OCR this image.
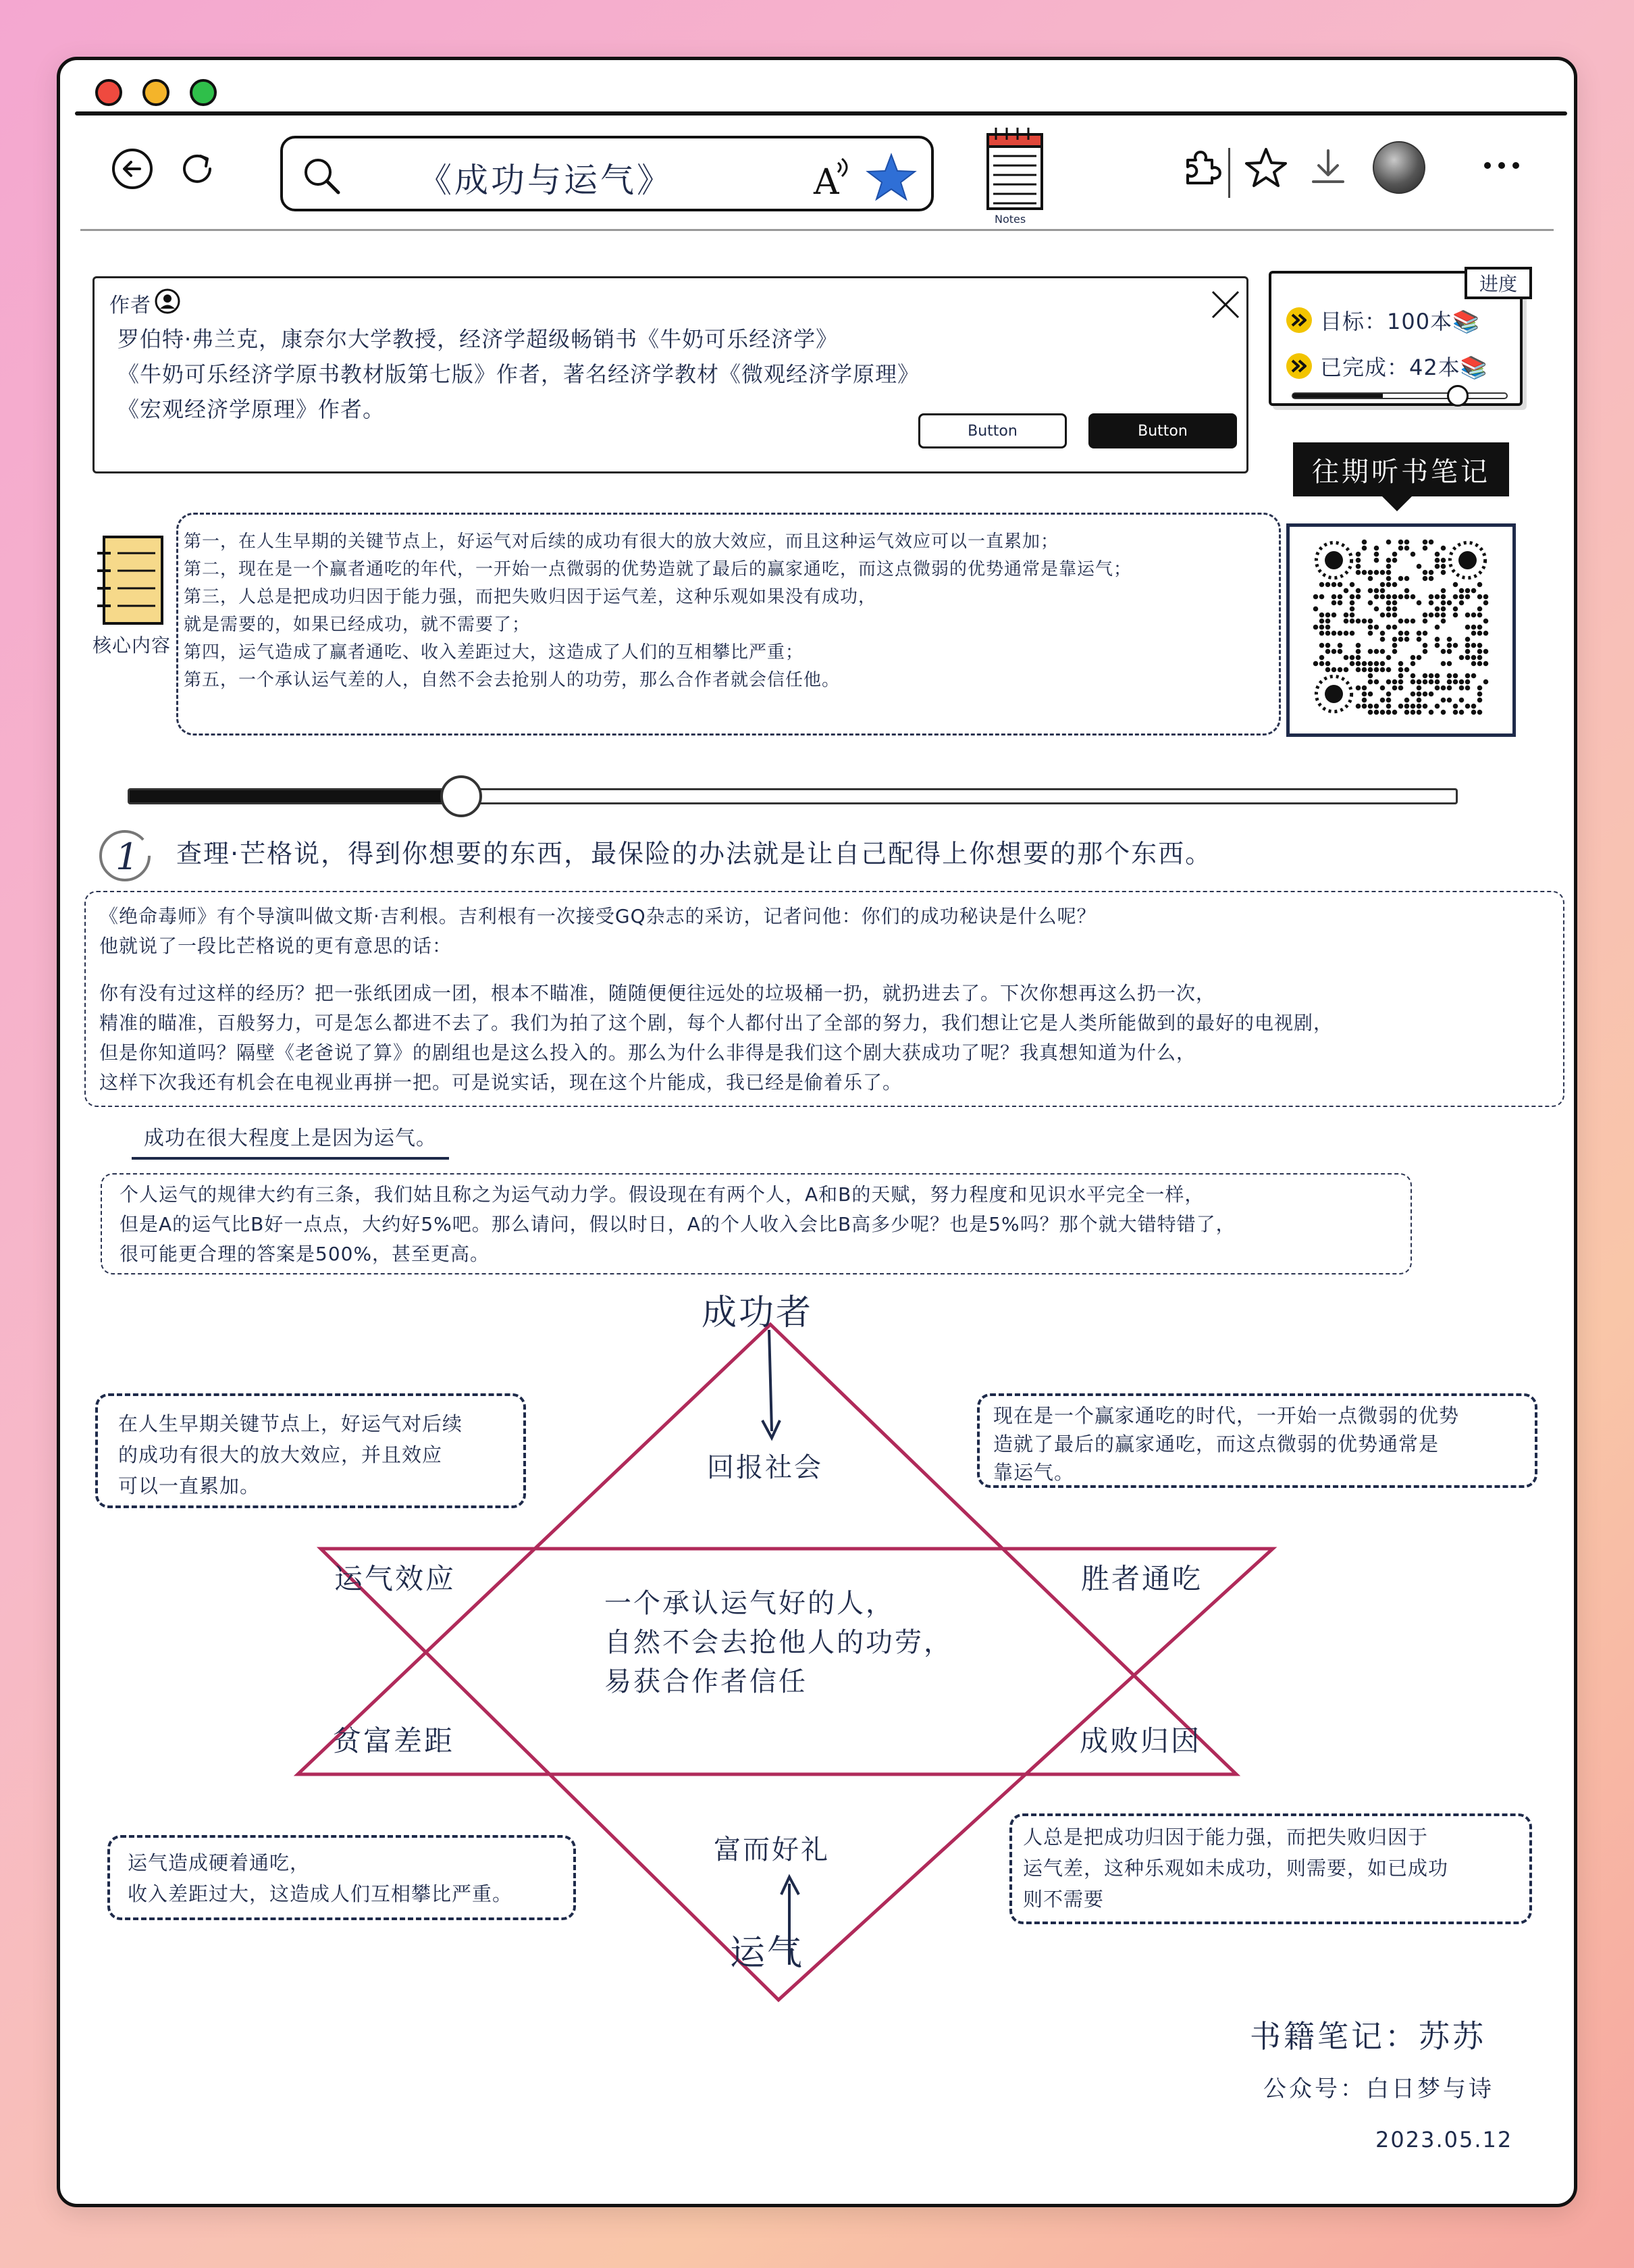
《成功与运气》	A
Notes
作者
罗伯特·弗兰克，康奈尔大学教授，经济学超级畅销书《牛奶可乐经济学》
《牛奶可乐经济学原书教材版第七版》作者，著名经济学教材《微观经济学原理》
《宏观经济学原理》作者。
Button	Button
进度
目标：100本📚
已完成：42本📚
往期听书笔记
核心内容
第一，在人生早期的关键节点上，好运气对后续的成功有很大的放大效应，而且这种运气效应可以一直累加；
第二，现在是一个赢者通吃的年代，一开始一点微弱的优势造就了最后的赢家通吃，而这点微弱的优势通常是靠运气；
第三，人总是把成功归因于能力强，而把失败归因于运气差，这种乐观如果没有成功，
就是需要的，如果已经成功，就不需要了；
第四，运气造成了赢者通吃、收入差距过大，这造成了人们的互相攀比严重；
第五，一个承认运气差的人，自然不会去抢别人的功劳，那么合作者就会信任他。
1 查理·芒格说，得到你想要的东西，最保险的办法就是让自己配得上你想要的那个东西。
《绝命毒师》有个导演叫做文斯·吉利根。吉利根有一次接受GQ杂志的采访，记者问他：你们的成功秘诀是什么呢？
他就说了一段比芒格说的更有意思的话：
你有没有过这样的经历？把一张纸团成一团，根本不瞄准，随随便便往远处的垃圾桶一扔，就扔进去了。下次你想再这么扔一次，
精准的瞄准，百般努力，可是怎么都进不去了。我们为拍了这个剧，每个人都付出了全部的努力，我们想让它是人类所能做到的最好的电视剧，
但是你知道吗？隔壁《老爸说了算》的剧组也是这么投入的。那么为什么非得是我们这个剧大获成功了呢？我真想知道为什么，
这样下次我还有机会在电视业再拼一把。可是说实话，现在这个片能成，我已经是偷着乐了。
成功在很大程度上是因为运气。
个人运气的规律大约有三条，我们姑且称之为运气动力学。假设现在有两个人，A和B的天赋，努力程度和见识水平完全一样，
但是A的运气比B好一点点，大约好5%吧。那么请问，假以时日，A的个人收入会比B高多少呢？也是5%吗？那个就大错特错了，
很可能更合理的答案是500%，甚至更高。
成功者
回报社会
运气效应	胜者通吃
贫富差距	成败归因
一个承认运气好的人，
自然不会去抢他人的功劳，
易获合作者信任
富而好礼
运气
在人生早期关键节点上，好运气对后续
的成功有很大的放大效应，并且效应
可以一直累加。
现在是一个赢家通吃的时代，一开始一点微弱的优势
造就了最后的赢家通吃，而这点微弱的优势通常是
靠运气。
运气造成硬着通吃，
收入差距过大，这造成人们互相攀比严重。
人总是把成功归因于能力强，而把失败归因于
运气差，这种乐观如未成功，则需要，如已成功
则不需要
书籍笔记：苏苏
公众号：白日梦与诗
2023.05.12
